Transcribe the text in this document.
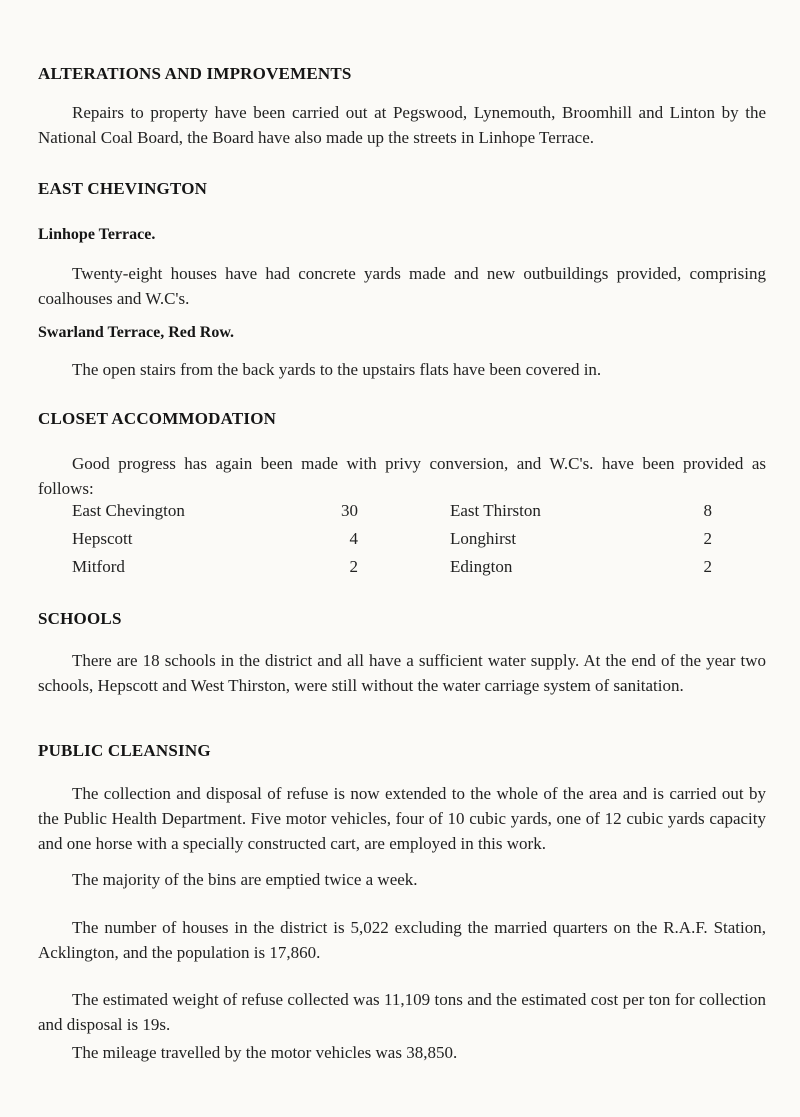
ALTERATIONS AND IMPROVEMENTS

Repairs to property have been carried out at Pegswood, Lynemouth, Broomhill and Linton by the National Coal Board, the Board have also made up the streets in Linhope Terrace.

EAST CHEVINGTON
Linhope Terrace.

Twenty-eight houses have had concrete yards made and new outbuildings provided, comprising coalhouses and W.C's.

Swarland Terrace, Red Row.

The open stairs from the back yards to the upstairs flats have been covered in.

CLOSET ACCOMMODATION

Good progress has again been made with privy conversion, and W.C's. have been provided as follows:

East Chevington	30	East Thirston	8
Hepscott	4	Longhirst	2
Mitford	2	Edington	2
SCHOOLS

There are 18 schools in the district and all have a sufficient water supply. At the end of the year two schools, Hepscott and West Thirston, were still without the water carriage system of sanitation.

PUBLIC CLEANSING

The collection and disposal of refuse is now extended to the whole of the area and is carried out by the Public Health Department. Five motor vehicles, four of 10 cubic yards, one of 12 cubic yards capacity and one horse with a specially constructed cart, are employed in this work.

The majority of the bins are emptied twice a week.

The number of houses in the district is 5,022 excluding the married quarters on the R.A.F. Station, Acklington, and the population is 17,860.

The estimated weight of refuse collected was 11,109 tons and the estimated cost per ton for collection and disposal is 19s.

The mileage travelled by the motor vehicles was 38,850.
